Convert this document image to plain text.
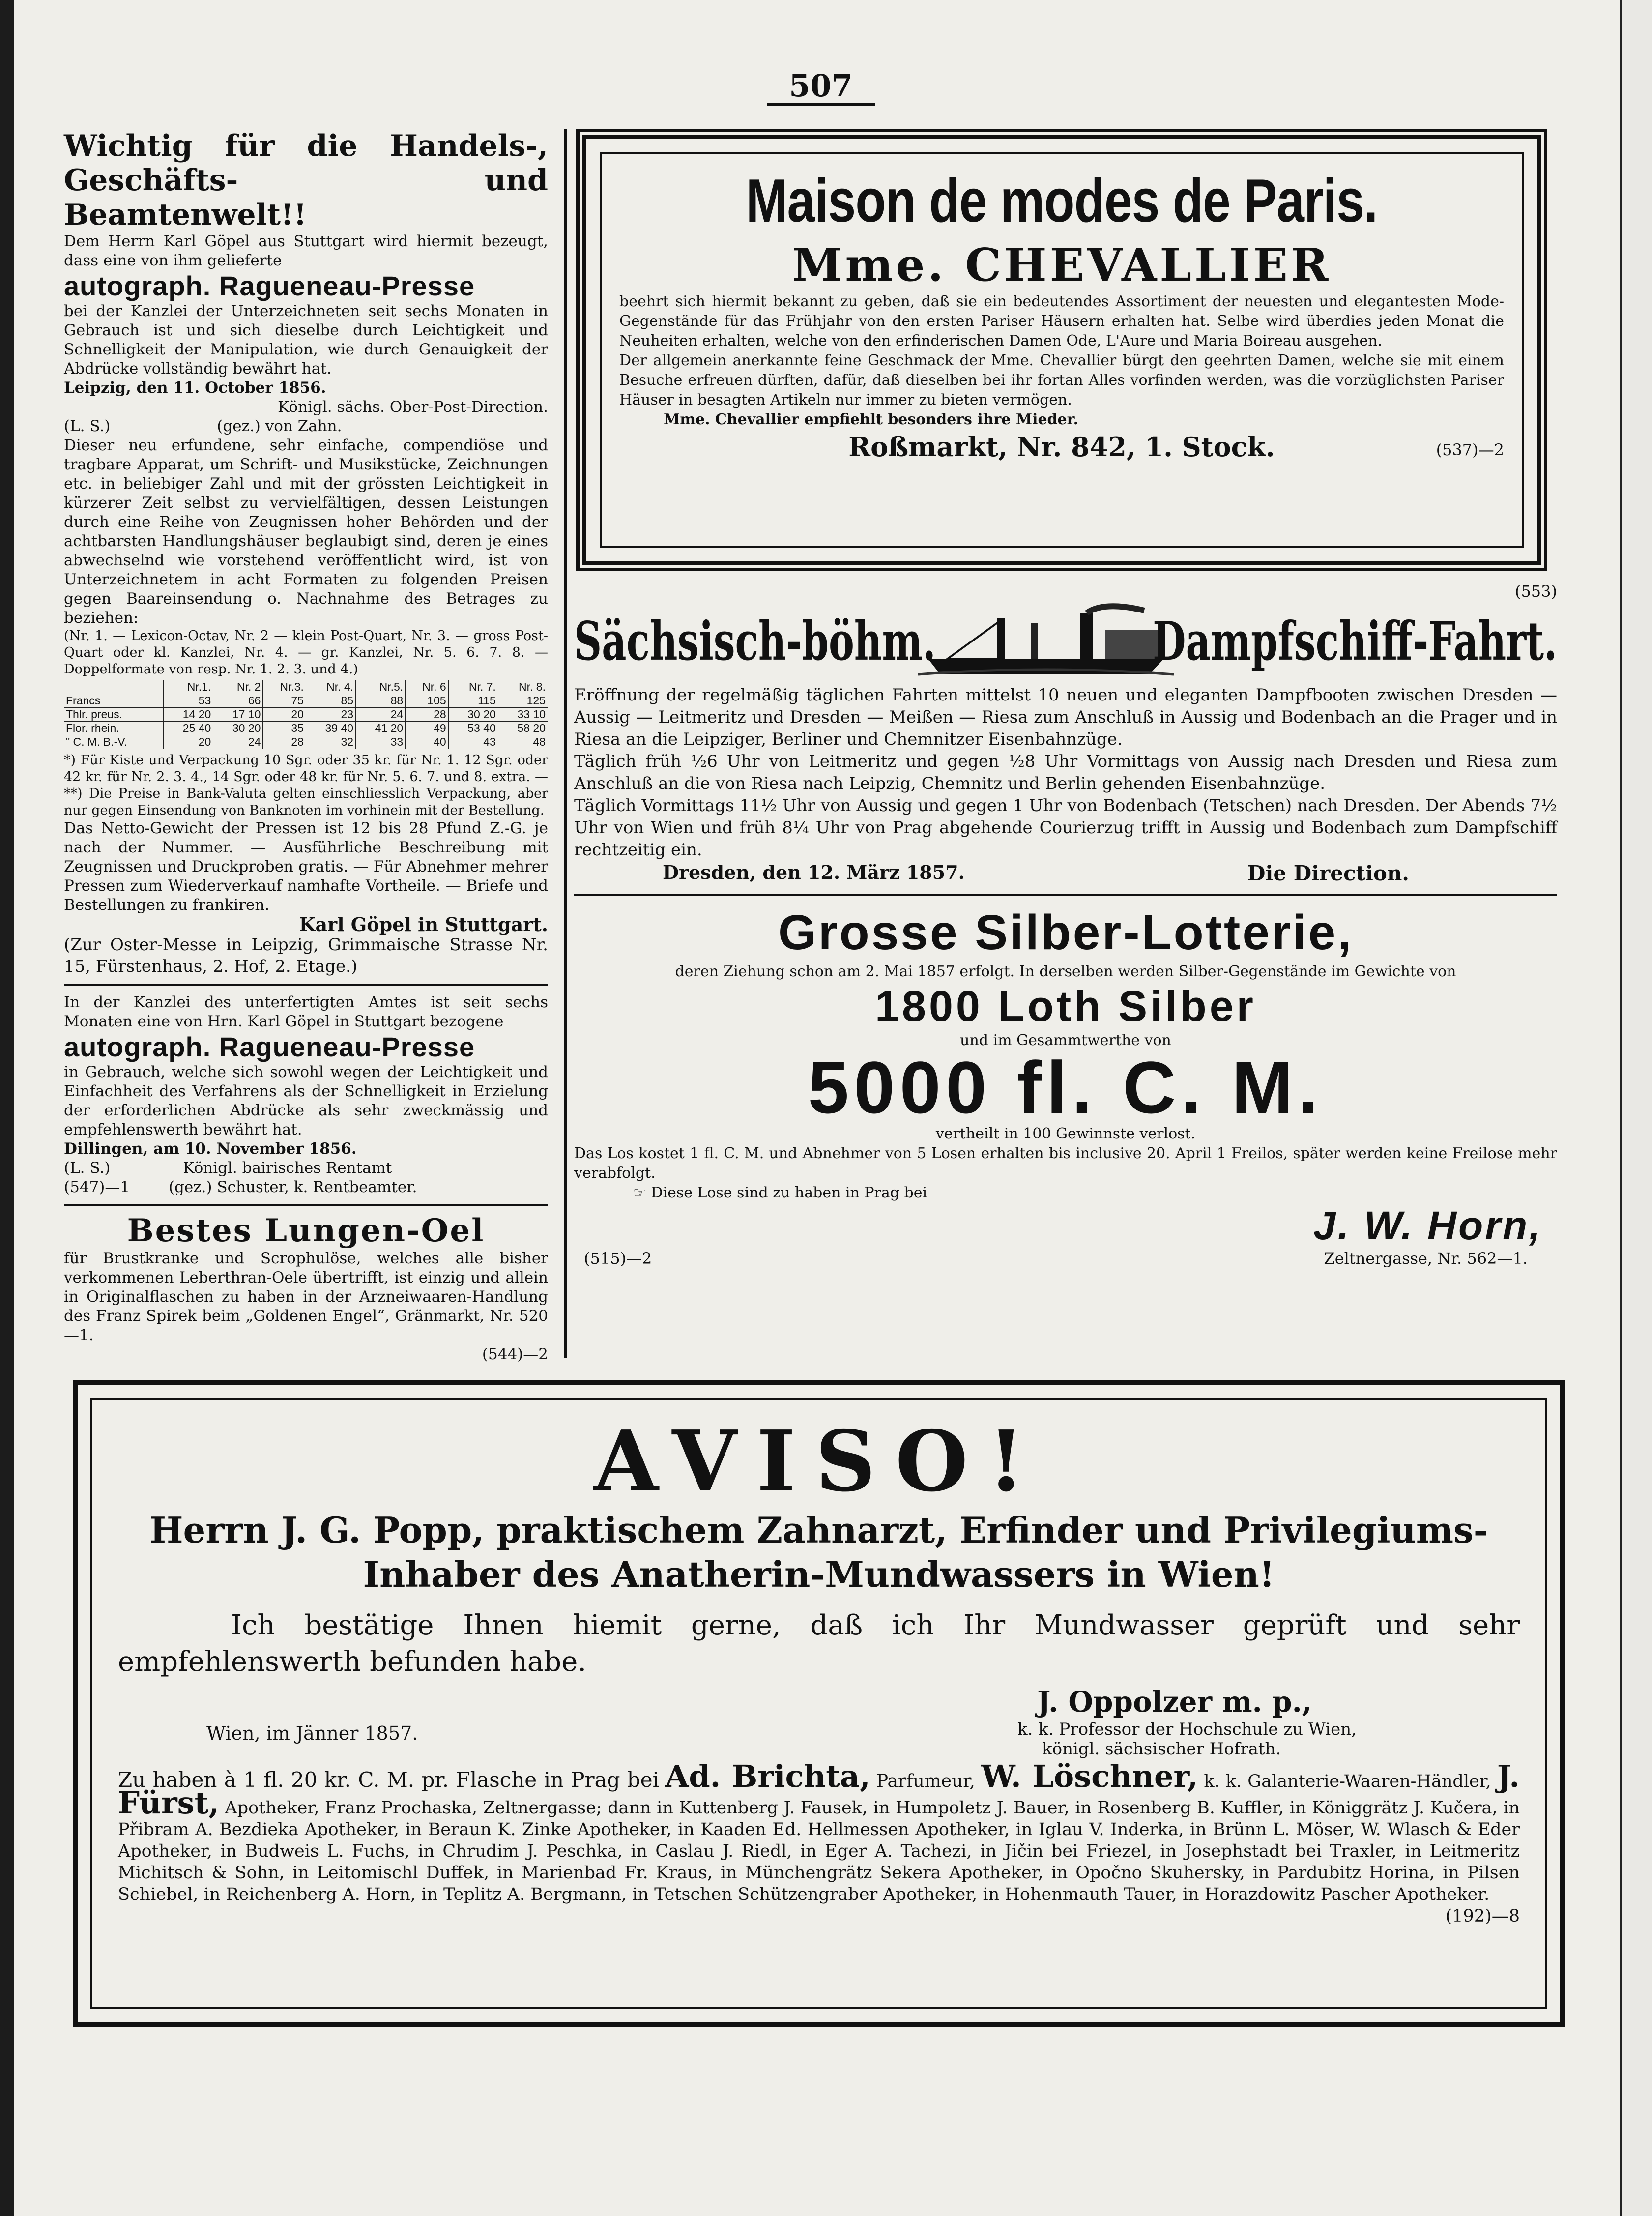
507
Wichtig für die Handels-, Geschäfts- und Beamtenwelt!!

Dem Herrn Karl Göpel aus Stuttgart wird hiermit bezeugt, dass eine von ihm gelieferte

autograph. Ragueneau-Presse

bei der Kanzlei der Unterzeichneten seit sechs Monaten in Gebrauch ist und sich dieselbe durch Leichtigkeit und Schnelligkeit der Manipulation, wie durch Genauigkeit der Abdrücke vollständig bewährt hat.

Leipzig, den 11. October 1856.

Königl. sächs. Ober-Post-Direction.

(L. S.)	(gez.) von Zahn.

Dieser neu erfundene, sehr einfache, compendiöse und tragbare Apparat, um Schrift- und Musikstücke, Zeichnungen etc. in beliebiger Zahl und mit der grössten Leichtigkeit in kürzerer Zeit selbst zu vervielfältigen, dessen Leistungen durch eine Reihe von Zeugnissen hoher Behörden und der achtbarsten Handlungshäuser beglaubigt sind, deren je eines abwechselnd wie vorstehend veröffentlicht wird, ist von Unterzeichnetem in acht Formaten zu folgenden Preisen gegen Baareinsendung o. Nachnahme des Betrages zu beziehen:

(Nr. 1. — Lexicon-Octav, Nr. 2 — klein Post-Quart, Nr. 3. — gross Post-Quart oder kl. Kanzlei, Nr. 4. — gr. Kanzlei, Nr. 5. 6. 7. 8. — Doppelformate von resp. Nr. 1. 2. 3. und 4.)

	Nr.1.	Nr. 2	Nr.3.	Nr. 4.	Nr.5.	Nr. 6	Nr. 7.	Nr. 8.
Francs	53	66	75	85	88	105	115	125
Thlr. preus.	14 20	17 10	20	23	24	28	30 20	33 10
Flor. rhein.	25 40	30 20	35	39 40	41 20	49	53 40	58 20
" C. M. B.-V.	20	24	28	32	33	40	43	48

*) Für Kiste und Verpackung 10 Sgr. oder 35 kr. für Nr. 1. 12 Sgr. oder 42 kr. für Nr. 2. 3. 4., 14 Sgr. oder 48 kr. für Nr. 5. 6. 7. und 8. extra. — **) Die Preise in Bank-Valuta gelten einschliesslich Verpackung, aber nur gegen Einsendung von Banknoten im vorhinein mit der Bestellung.

Das Netto-Gewicht der Pressen ist 12 bis 28 Pfund Z.-G. je nach der Nummer. — Ausführliche Beschreibung mit Zeugnissen und Druckproben gratis. — Für Abnehmer mehrer Pressen zum Wiederverkauf namhafte Vortheile. — Briefe und Bestellungen zu frankiren.

Karl Göpel in Stuttgart.

(Zur Oster-Messe in Leipzig, Grimmaische Strasse Nr. 15, Fürstenhaus, 2. Hof, 2. Etage.)

In der Kanzlei des unterfertigten Amtes ist seit sechs Monaten eine von Hrn. Karl Göpel in Stuttgart bezogene

autograph. Ragueneau-Presse

in Gebrauch, welche sich sowohl wegen der Leichtigkeit und Einfachheit des Verfahrens als der Schnelligkeit in Erzielung der erforderlichen Abdrücke als sehr zweckmässig und empfehlenswerth bewährt hat.

Dillingen, am 10. November 1856.

(L. S.)	Königl. bairisches Rentamt

(547)—1	(gez.) Schuster, k. Rentbeamter.

Bestes Lungen-Oel

für Brustkranke und Scrophulöse, welches alle bisher verkommenen Leberthran-Oele übertrifft, ist einzig und allein in Originalflaschen zu haben in der Arzneiwaaren-Handlung des Franz Spirek beim „Goldenen Engel“, Gränmarkt, Nr. 520—1.

(544)—2

Maison de modes de Paris.
Mme. CHEVALLIER

beehrt sich hiermit bekannt zu geben, daß sie ein bedeutendes Assortiment der neuesten und elegantesten Mode-Gegenstände für das Frühjahr von den ersten Pariser Häusern erhalten hat. Selbe wird überdies jeden Monat die Neuheiten erhalten, welche von den erfinderischen Damen Ode, L'Aure und Maria Boireau ausgehen.

Der allgemein anerkannte feine Geschmack der Mme. Chevallier bürgt den geehrten Damen, welche sie mit einem Besuche erfreuen dürften, dafür, daß dieselben bei ihr fortan Alles vorfinden werden, was die vorzüglichsten Pariser Häuser in besagten Artikeln nur immer zu bieten vermögen.

Mme. Chevallier empfiehlt besonders ihre Mieder.

Roßmarkt, Nr. 842, 1. Stock.	(537)—2
(553)
Sächsisch-böhm.	Dampfschiff-Fahrt.

Eröffnung der regelmäßig täglichen Fahrten mittelst 10 neuen und eleganten Dampfbooten zwischen Dresden — Aussig — Leitmeritz und Dresden — Meißen — Riesa zum Anschluß in Aussig und Bodenbach an die Prager und in Riesa an die Leipziger, Berliner und Chemnitzer Eisenbahnzüge.

Täglich früh ½6 Uhr von Leitmeritz und gegen ½8 Uhr Vormittags von Aussig nach Dresden und Riesa zum Anschluß an die von Riesa nach Leipzig, Chemnitz und Berlin gehenden Eisenbahnzüge.

Täglich Vormittags 11½ Uhr von Aussig und gegen 1 Uhr von Bodenbach (Tetschen) nach Dresden. Der Abends 7½ Uhr von Wien und früh 8¼ Uhr von Prag abgehende Courierzug trifft in Aussig und Bodenbach zum Dampfschiff rechtzeitig ein.

Dresden, den 12. März 1857.	Die Direction.
Grosse Silber-Lotterie,

deren Ziehung schon am 2. Mai 1857 erfolgt. In derselben werden Silber-Gegenstände im Gewichte von

1800 Loth Silber

und im Gesammtwerthe von

5000 fl. C. M.

vertheilt in 100 Gewinnste verlost.

Das Los kostet 1 fl. C. M. und Abnehmer von 5 Losen erhalten bis inclusive 20. April 1 Freilos, später werden keine Freilose mehr verabfolgt.

☞ Diese Lose sind zu haben in Prag bei

J. W. Horn,
(515)—2	Zeltnergasse, Nr. 562—1.
AVISO!
Herrn J. G. Popp, praktischem Zahnarzt, Erfinder und Privilegiums-Inhaber des Anatherin-Mundwassers in Wien!

Ich bestätige Ihnen hiemit gerne, daß ich Ihr Mundwasser geprüft und sehr empfehlenswerth befunden habe.

Wien, im Jänner 1857.
J. Oppolzer m. p.,
k. k. Professor der Hochschule zu Wien,
königl. sächsischer Hofrath.

Zu haben à 1 fl. 20 kr. C. M. pr. Flasche in Prag bei Ad. Brichta, Parfumeur, W. Löschner, k. k. Galanterie-Waaren-Händler, J. Fürst, Apotheker, Franz Prochaska, Zeltnergasse; dann in Kuttenberg J. Fausek, in Humpoletz J. Bauer, in Rosenberg B. Kuffler, in Königgrätz J. Kučera, in Přibram A. Bezdieka Apotheker, in Beraun K. Zinke Apotheker, in Kaaden Ed. Hellmessen Apotheker, in Iglau V. Inderka, in Brünn L. Möser, W. Wlasch & Eder Apotheker, in Budweis L. Fuchs, in Chrudim J. Peschka, in Caslau J. Riedl, in Eger A. Tachezi, in Jičin bei Friezel, in Josephstadt bei Traxler, in Leitmeritz Michitsch & Sohn, in Leitomischl Duffek, in Marienbad Fr. Kraus, in Münchengrätz Sekera Apotheker, in Opočno Skuhersky, in Pardubitz Horina, in Pilsen Schiebel, in Reichenberg A. Horn, in Teplitz A. Bergmann, in Tetschen Schützengraber Apotheker, in Hohenmauth Tauer, in Horazdowitz Pascher Apotheker.
(192)—8
